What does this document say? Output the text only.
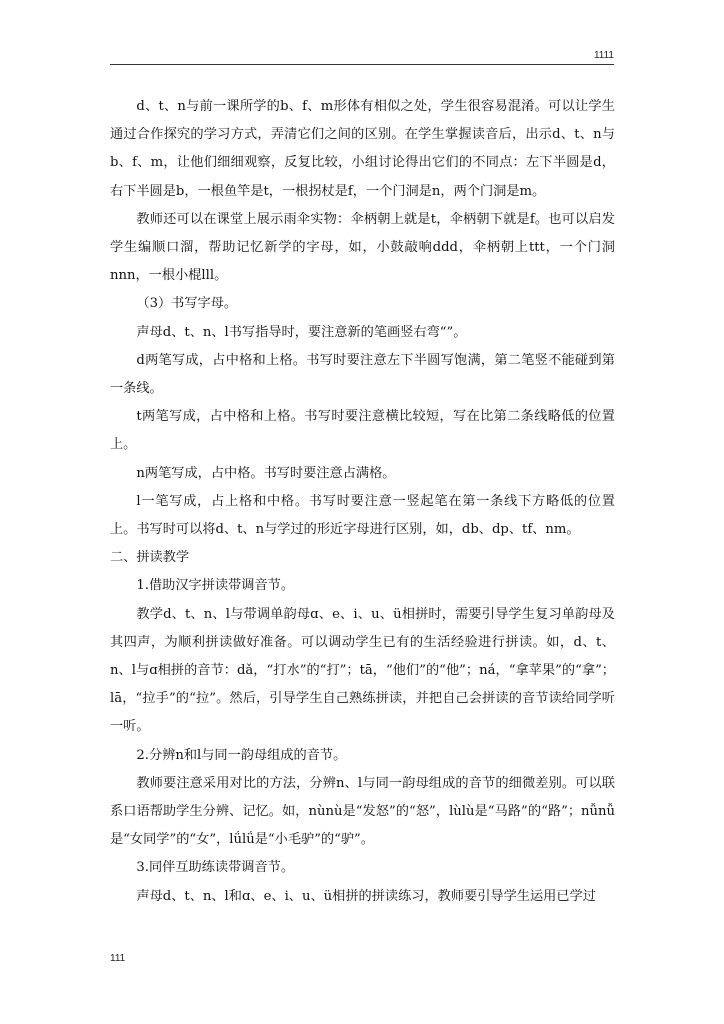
1111

d、t、n与前一课所学的b、f、m形体有相似之处，学生很容易混淆。可以让学生通过合作探究的学习方式，弄清它们之间的区别。在学生掌握读音后，出示d、t、n与b、f、m，让他们细细观察，反复比较，小组讨论得出它们的不同点：左下半圆是d，右下半圆是b，一根鱼竿是t，一根拐杖是f，一个门洞是n，两个门洞是m。

教师还可以在课堂上展示雨伞实物：伞柄朝上就是t，伞柄朝下就是f。也可以启发学生编顺口溜，帮助记忆新学的字母，如，小鼓敲响ddd，伞柄朝上ttt，一个门洞nnn，一根小棍lll。

（3）书写字母。

声母d、t、n、l书写指导时，要注意新的笔画竖右弯“”。

d两笔写成，占中格和上格。书写时要注意左下半圆写饱满，第二笔竖不能碰到第一条线。

t两笔写成，占中格和上格。书写时要注意横比较短，写在比第二条线略低的位置上。

n两笔写成，占中格。书写时要注意占满格。

l一笔写成，占上格和中格。书写时要注意一竖起笔在第一条线下方略低的位置上。书写时可以将d、t、n与学过的形近字母进行区别，如，db、dp、tf、nm。

二、拼读教学

1.借助汉字拼读带调音节。

教学d、t、n、l与带调单韵母ɑ、e、i、u、ü相拼时，需要引导学生复习单韵母及其四声，为顺利拼读做好准备。可以调动学生已有的生活经验进行拼读。如，d、t、n、l与ɑ相拼的音节：dǎ，“打水”的“打”；tā，“他们”的“他”；ná，“拿苹果”的“拿”；lā，“拉手”的“拉”。然后，引导学生自己熟练拼读，并把自己会拼读的音节读给同学听一听。

2.分辨n和l与同一韵母组成的音节。

教师要注意采用对比的方法，分辨n、l与同一韵母组成的音节的细微差别。可以联系口语帮助学生分辨、记忆。如，nùnù是“发怒”的“怒”，lùlù是“马路”的“路”；nǚnǚ是“女同学”的“女”，lǘlǘ是“小毛驴”的“驴”。

3.同伴互助练读带调音节。

声母d、t、n、l和ɑ、e、i、u、ü相拼的拼读练习，教师要引导学生运用已学过

111
